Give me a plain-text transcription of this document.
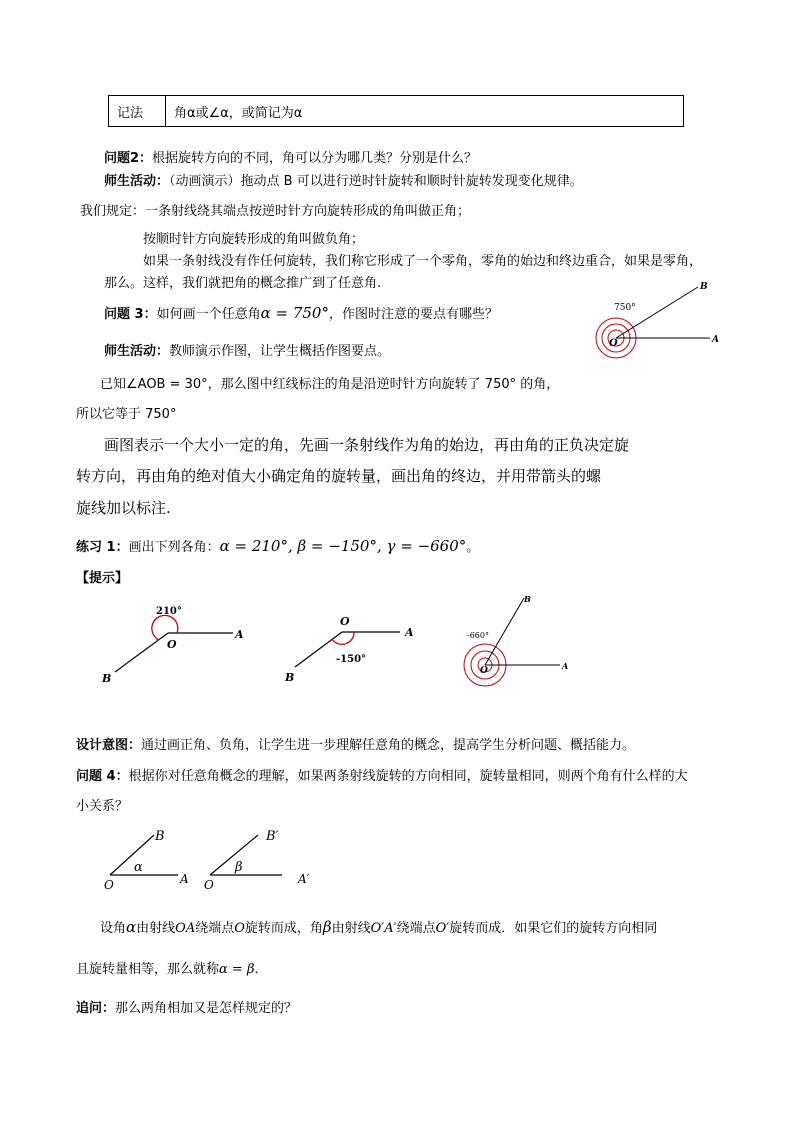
记法	角α或∠α，或简记为α
问题2：根据旋转方向的不同，角可以分为哪几类？分别是什么？
师生活动：（动画演示）拖动点 B 可以进行逆时针旋转和顺时针旋转发现变化规律。
我们规定：一条射线绕其端点按逆时针方向旋转形成的角叫做正角；
按顺时针方向旋转形成的角叫做负角；
如果一条射线没有作任何旋转，我们称它形成了一个零角，零角的始边和终边重合，如果是零角，
那么。这样，我们就把角的概念推广到了任意角.
问题 3：如何画一个任意角α = 750°，作图时注意的要点有哪些？
师生活动：教师演示作图，让学生概括作图要点。
750°
B
O	A
已知∠AOB = 30°，那么图中红线标注的角是沿逆时针方向旋转了 750° 的角，
所以它等于 750°
画图表示一个大小一定的角，先画一条射线作为角的始边，再由角的正负决定旋
转方向，再由角的绝对值大小确定角的旋转量，画出角的终边，并用带箭头的螺
旋线加以标注.
练习 1：画出下列各角：α = 210°, β = −150°, γ = −660°。
【提示】
210°
O
A
B
O
A
-150°
B
-660°
B
O	A
设计意图：通过画正角、负角，让学生进一步理解任意角的概念，提高学生分析问题、概括能力。
问题 4：根据你对任意角概念的理解，如果两条射线旋转的方向相同，旋转量相同，则两个角有什么样的大
小关系？
B
α
O	A
B′
β
O	A′
设角α由射线OA绕端点O旋转而成，角β由射线O′A′绕端点O′旋转而成．如果它们的旋转方向相同
且旋转量相等，那么就称α = β．
追问：那么两角相加又是怎样规定的？
